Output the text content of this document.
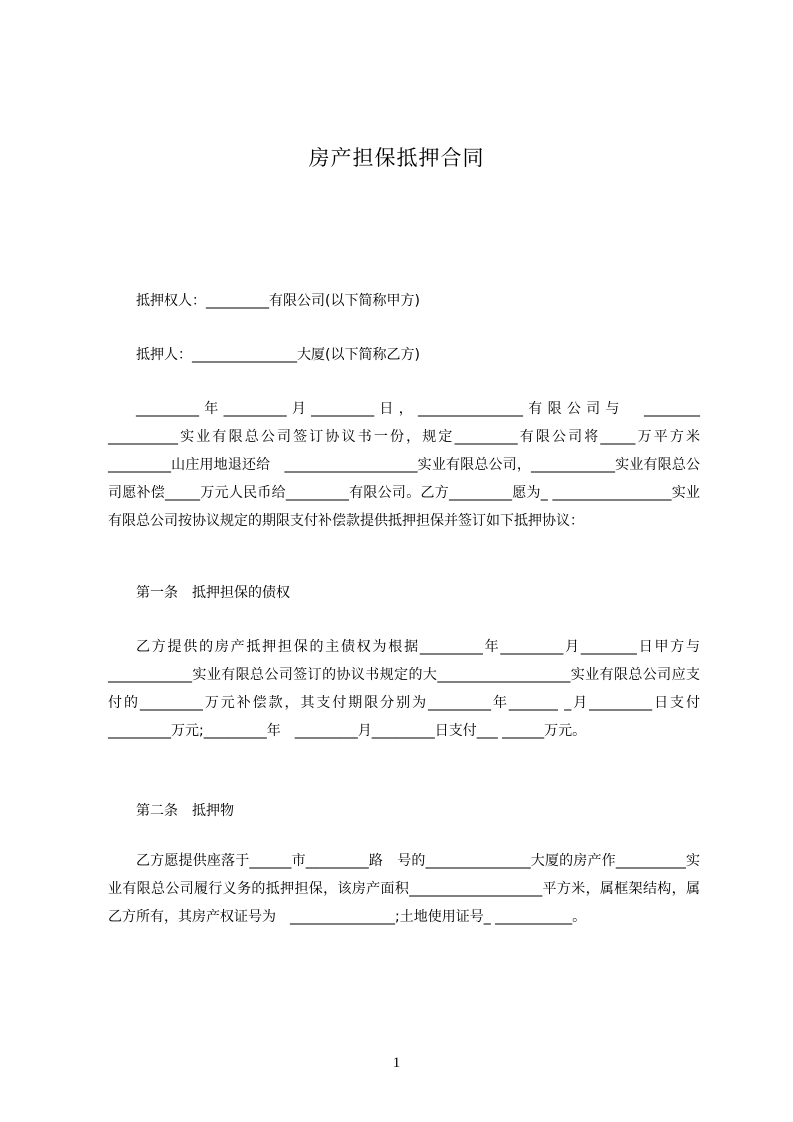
房产担保抵押合同

抵押权人：_________有限公司(以下简称甲方)

抵押人：_______________大厦(以下简称乙方)

_________年_________月_________日，_______________有限公司与　________ __________实业有限总公司签订协议书一份，规定_________有限公司将_____万平方米_________山庄用地退还给　___________________实业有限总公司，____________实业有限总公司愿补偿_____万元人民币给_________有限公司。乙方_________愿为_ _________________实业有限总公司按协议规定的期限支付补偿款提供抵押担保并签订如下抵押协议：

第一条　抵押担保的债权

乙方提供的房产抵押担保的主债权为根据_________年_________月________日甲方与　____________实业有限总公司签订的协议书规定的大___________________实业有限总公司应支付的_________万元补偿款，其支付期限分别为_________年_______ _月_________日支付_________万元;_________年　_________月_________日支付___ ______万元。

第二条　抵押物

乙方愿提供座落于______市_________路　号的_______________大厦的房产作__________实业有限总公司履行义务的抵押担保，该房产面积___________________平方米，属框架结构，属乙方所有，其房产权证号为　_______________;土地使用证号_ ___________。

1
